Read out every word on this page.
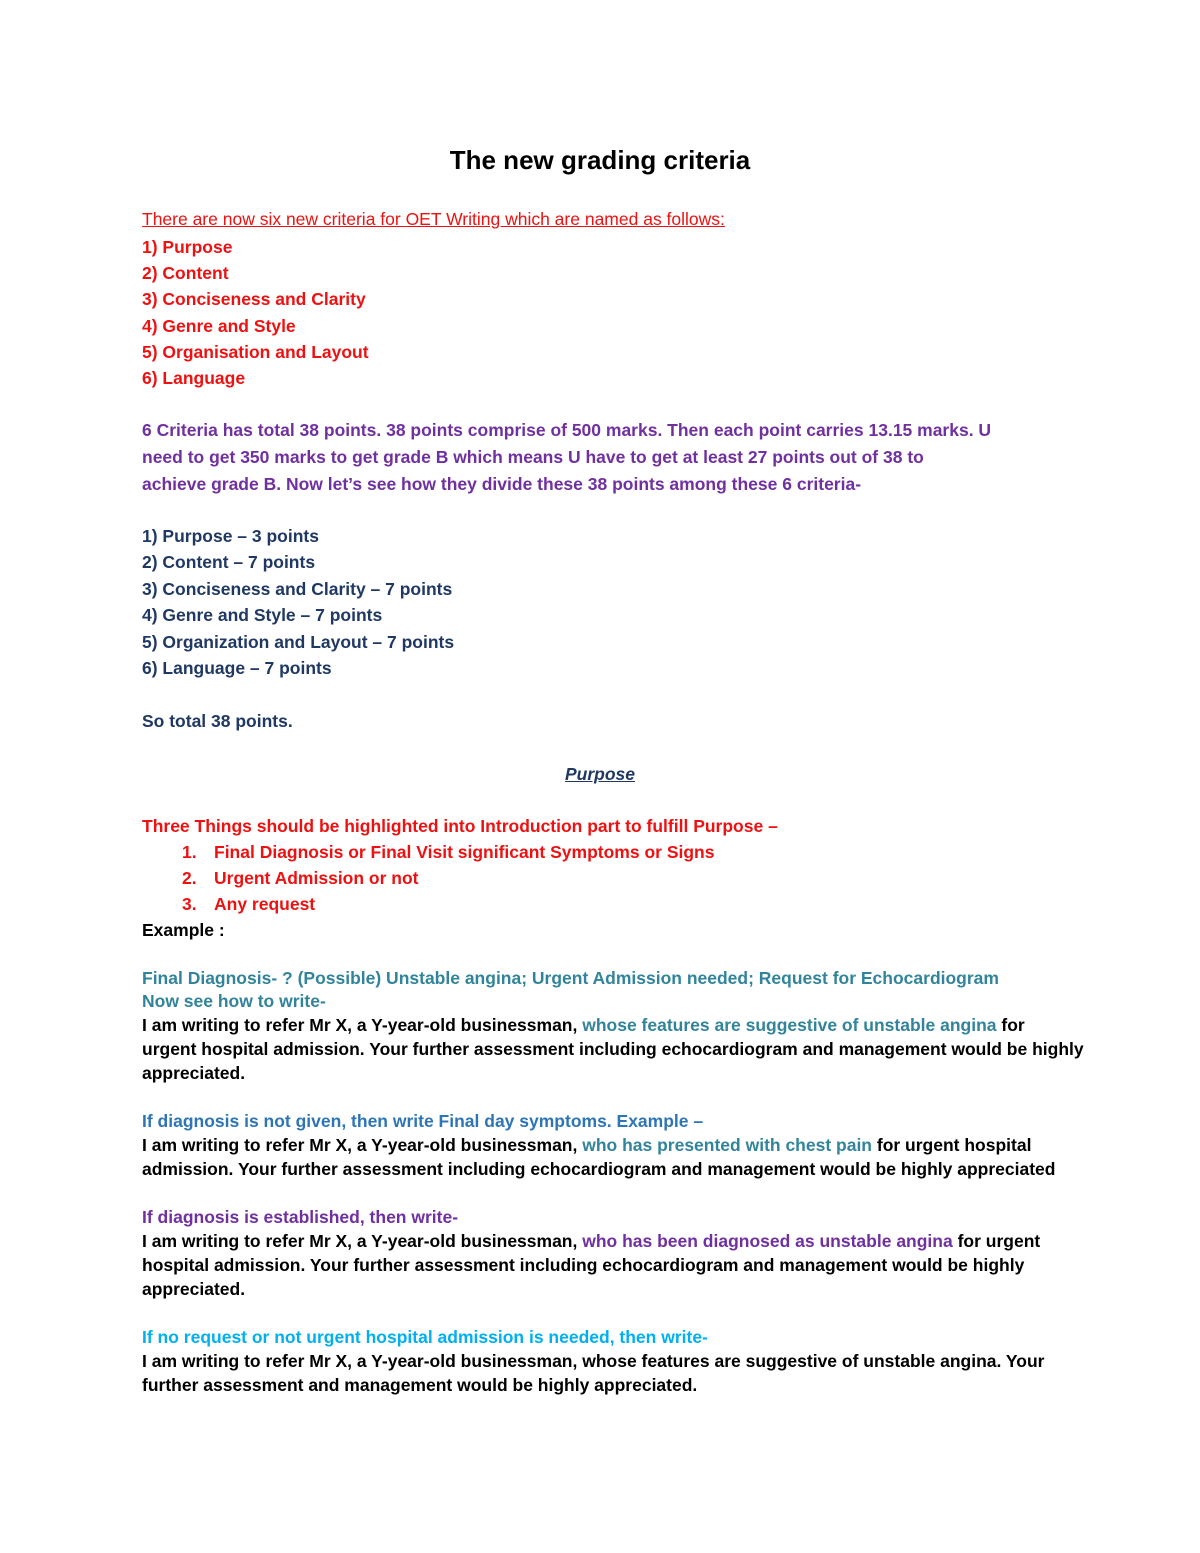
The new grading criteria

There are now six new criteria for OET Writing which are named as follows:

1) Purpose

2) Content

3) Conciseness and Clarity

4) Genre and Style

5) Organisation and Layout

6) Language

6 Criteria has total 38 points. 38 points comprise of 500 marks. Then each point carries 13.15 marks. U

need to get 350 marks to get grade B which means U have to get at least 27 points out of 38 to

achieve grade B. Now let’s see how they divide these 38 points among these 6 criteria-

1) Purpose – 3 points

2) Content – 7 points

3) Conciseness and Clarity – 7 points

4) Genre and Style – 7 points

5) Organization and Layout – 7 points

6) Language – 7 points

So total 38 points.

Purpose

Three Things should be highlighted into Introduction part to fulfill Purpose –

1. Final Diagnosis or Final Visit significant Symptoms or Signs

2. Urgent Admission or not

3. Any request

Example :

Final Diagnosis- ? (Possible) Unstable angina; Urgent Admission needed; Request for Echocardiogram

Now see how to write-

I am writing to refer Mr X, a Y-year-old businessman, whose features are suggestive of unstable angina for

urgent hospital admission. Your further assessment including echocardiogram and management would be highly

appreciated.

If diagnosis is not given, then write Final day symptoms. Example –

I am writing to refer Mr X, a Y-year-old businessman, who has presented with chest pain for urgent hospital

admission. Your further assessment including echocardiogram and management would be highly appreciated

If diagnosis is established, then write-

I am writing to refer Mr X, a Y-year-old businessman, who has been diagnosed as unstable angina for urgent

hospital admission. Your further assessment including echocardiogram and management would be highly

appreciated.

If no request or not urgent hospital admission is needed, then write-

I am writing to refer Mr X, a Y-year-old businessman, whose features are suggestive of unstable angina. Your

further assessment and management would be highly appreciated.
